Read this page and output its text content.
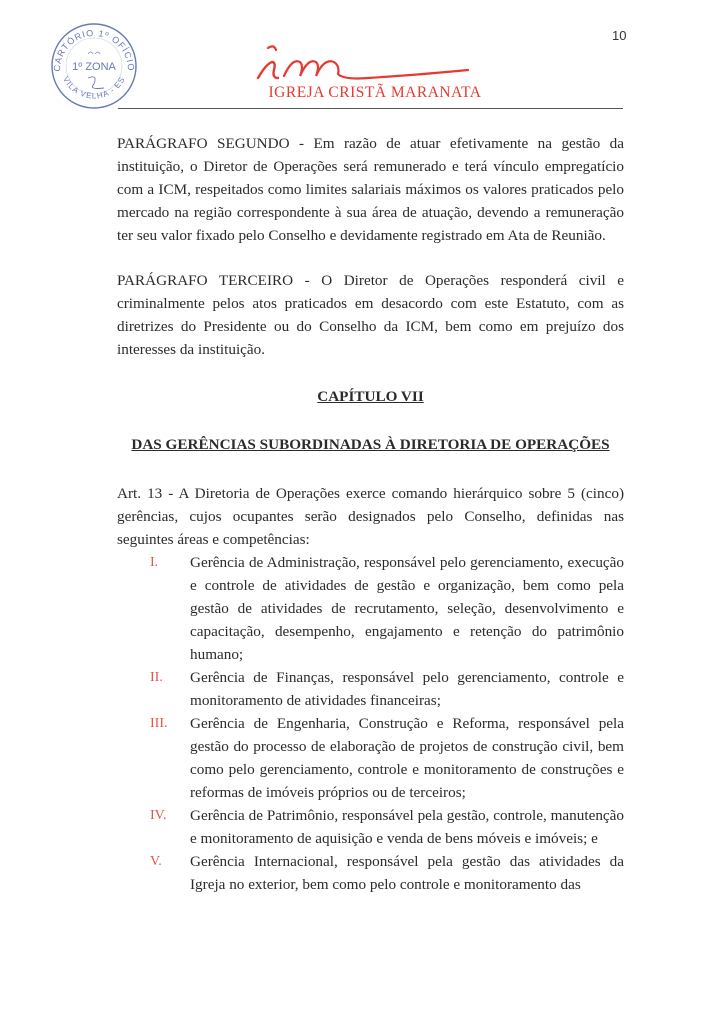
CARTÓRIO 1º OFÍCIO
VILA VELHA - ES
1º ZONA
10
IGREJA CRISTÃ MARANATA

PARÁGRAFO SEGUNDO - Em razão de atuar efetivamente na gestão da instituição, o Diretor de Operações será remunerado e terá vínculo empregatício com a ICM, respeitados como limites salariais máximos os valores praticados pelo mercado na região correspondente à sua área de atuação, devendo a remuneração ter seu valor fixado pelo Conselho e devidamente registrado em Ata de Reunião.

PARÁGRAFO TERCEIRO - O Diretor de Operações responderá civil e criminalmente pelos atos praticados em desacordo com este Estatuto, com as diretrizes do Presidente ou do Conselho da ICM, bem como em prejuízo dos interesses da instituição.

CAPÍTULO VII

DAS GERÊNCIAS SUBORDINADAS À DIRETORIA DE OPERAÇÕES

Art. 13 - A Diretoria de Operações exerce comando hierárquico sobre 5 (cinco) gerências, cujos ocupantes serão designados pelo Conselho, definidas nas seguintes áreas e competências:

I. Gerência de Administração, responsável pelo gerenciamento, execução e controle de atividades de gestão e organização, bem como pela gestão de atividades de recrutamento, seleção, desenvolvimento e capacitação, desempenho, engajamento e retenção do patrimônio humano;
II. Gerência de Finanças, responsável pelo gerenciamento, controle e monitoramento de atividades financeiras;
III. Gerência de Engenharia, Construção e Reforma, responsável pela gestão do processo de elaboração de projetos de construção civil, bem como pelo gerenciamento, controle e monitoramento de construções e reformas de imóveis próprios ou de terceiros;
IV. Gerência de Patrimônio, responsável pela gestão, controle, manutenção e monitoramento de aquisição e venda de bens móveis e imóveis; e
V. Gerência Internacional, responsável pela gestão das atividades da Igreja no exterior, bem como pelo controle e monitoramento das
